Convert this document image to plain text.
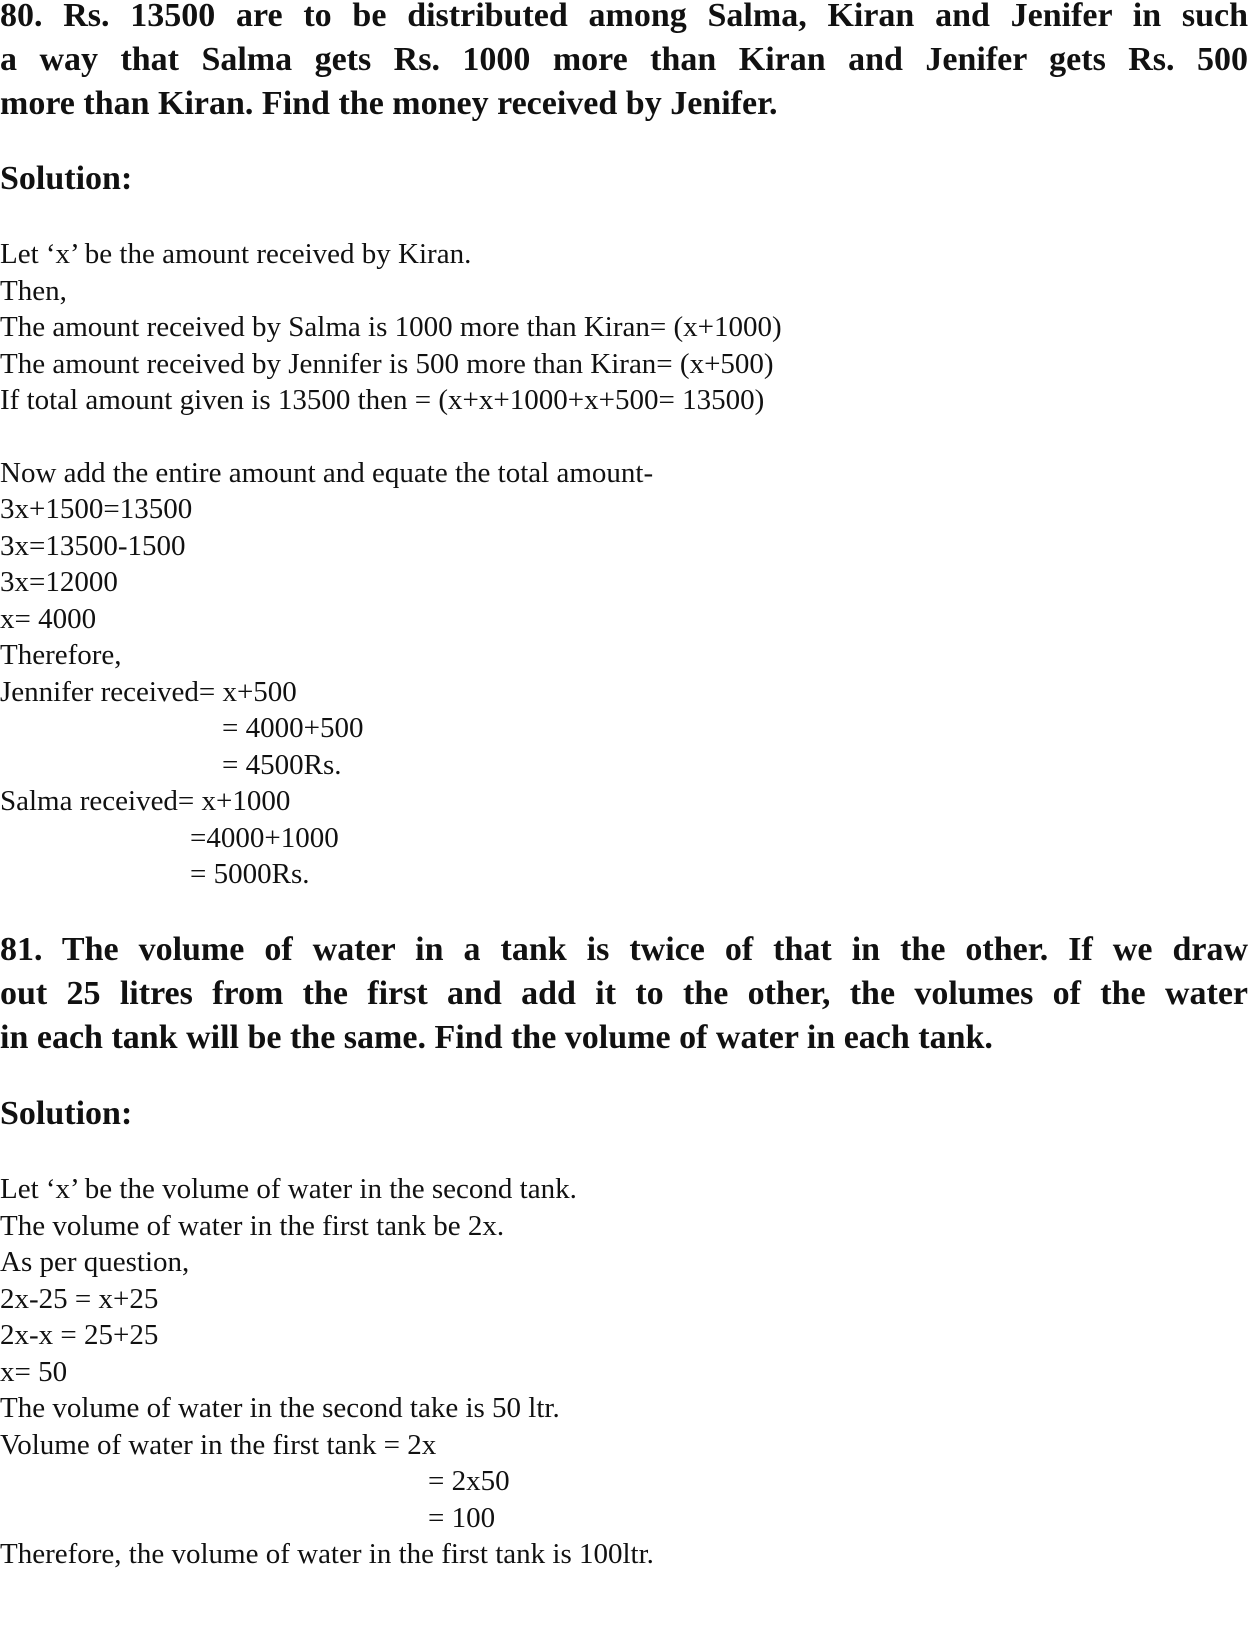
80. Rs. 13500 are to be distributed among Salma, Kiran and Jenifer in such
a way that Salma gets Rs. 1000 more than Kiran and Jenifer gets Rs. 500
more than Kiran. Find the money received by Jenifer.
Solution:
Let ‘x’ be the amount received by Kiran.
Then,
The amount received by Salma is 1000 more than Kiran= (x+1000)
The amount received by Jennifer is 500 more than Kiran= (x+500)
If total amount given is 13500 then = (x+x+1000+x+500= 13500)
Now add the entire amount and equate the total amount-
3x+1500=13500
3x=13500-1500
3x=12000
x= 4000
Therefore,
Jennifer received= x+500
= 4000+500
= 4500Rs.
Salma received= x+1000
=4000+1000
= 5000Rs.
81. The volume of water in a tank is twice of that in the other. If we draw
out 25 litres from the first and add it to the other, the volumes of the water
in each tank will be the same. Find the volume of water in each tank.
Solution:
Let ‘x’ be the volume of water in the second tank.
The volume of water in the first tank be 2x.
As per question,
2x-25 = x+25
2x-x = 25+25
x= 50
The volume of water in the second take is 50 ltr.
Volume of water in the first tank = 2x
= 2x50
= 100
Therefore, the volume of water in the first tank is 100ltr.
